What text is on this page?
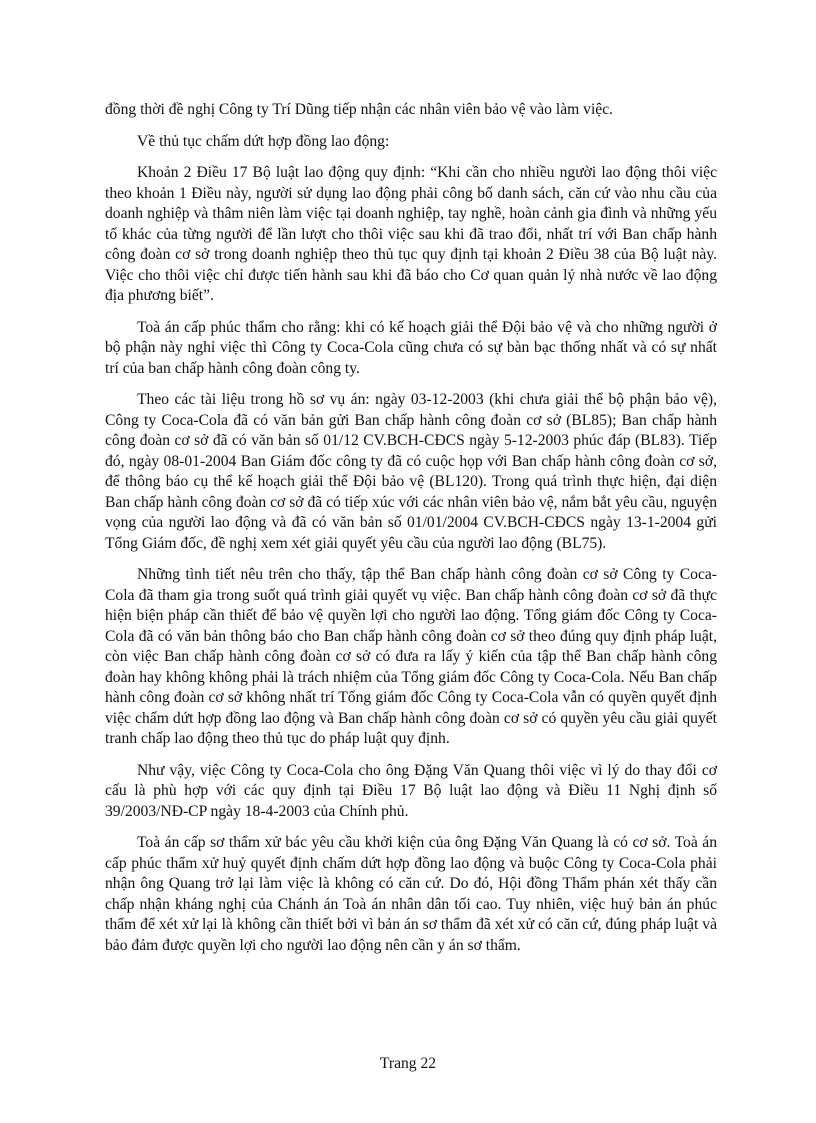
đồng thời đề nghị Công ty Trí Dũng tiếp nhận các nhân viên bảo vệ vào làm việc.

Về thủ tục chấm dứt hợp đồng lao động:

Khoản 2 Điều 17 Bộ luật lao động quy định: “Khi cần cho nhiều người lao động thôi việc theo khoản 1 Điều này, người sử dụng lao động phải công bố danh sách, căn cứ vào nhu cầu của doanh nghiệp và thâm niên làm việc tại doanh nghiệp, tay nghề, hoàn cảnh gia đình và những yếu tố khác của từng người để lần lượt cho thôi việc sau khi đã trao đổi, nhất trí với Ban chấp hành công đoàn cơ sở trong doanh nghiệp theo thủ tục quy định tại khoản 2 Điều 38 của Bộ luật này. Việc cho thôi việc chỉ được tiến hành sau khi đã báo cho Cơ quan quản lý nhà nước về lao động địa phương biết”.

Toà án cấp phúc thẩm cho rằng: khi có kế hoạch giải thể Đội bảo vệ và cho những người ở bộ phận này nghỉ việc thì Công ty Coca-Cola cũng chưa có sự bàn bạc thống nhất và có sự nhất trí của ban chấp hành công đoàn công ty.

Theo các tài liệu trong hồ sơ vụ án: ngày 03-12-2003 (khi chưa giải thể bộ phận bảo vệ), Công ty Coca-Cola đã có văn bản gửi Ban chấp hành công đoàn cơ sở (BL85); Ban chấp hành công đoàn cơ sở đã có văn bản số 01/12 CV.BCH-CĐCS ngày 5-12-2003 phúc đáp (BL83). Tiếp đó, ngày 08-01-2004 Ban Giám đốc công ty đã có cuộc họp với Ban chấp hành công đoàn cơ sở, để thông báo cụ thể kế hoạch giải thể Đội bảo vệ (BL120). Trong quá trình thực hiện, đại diện Ban chấp hành công đoàn cơ sở đã có tiếp xúc với các nhân viên bảo vệ, nắm bắt yêu cầu, nguyện vọng của người lao động và đã có văn bản số 01/01/2004 CV.BCH-CĐCS ngày 13-1-2004 gửi Tổng Giám đốc, đề nghị xem xét giải quyết yêu cầu của người lao động (BL75).

Những tình tiết nêu trên cho thấy, tập thể Ban chấp hành công đoàn cơ sở Công ty Coca-Cola đã tham gia trong suốt quá trình giải quyết vụ việc. Ban chấp hành công đoàn cơ sở đã thực hiện biện pháp cần thiết để bảo vệ quyền lợi cho người lao động. Tổng giám đốc Công ty Coca-Cola đã có văn bản thông báo cho Ban chấp hành công đoàn cơ sở theo đúng quy định pháp luật, còn việc Ban chấp hành công đoàn cơ sở có đưa ra lấy ý kiến của tập thể Ban chấp hành công đoàn hay không không phải là trách nhiệm của Tổng giám đốc Công ty Coca-Cola. Nếu Ban chấp hành công đoàn cơ sở không nhất trí Tổng giám đốc Công ty Coca-Cola vẫn có quyền quyết định việc chấm dứt hợp đồng lao động và Ban chấp hành công đoàn cơ sở có quyền yêu cầu giải quyết tranh chấp lao động theo thủ tục do pháp luật quy định.

Như vậy, việc Công ty Coca-Cola cho ông Đặng Văn Quang thôi việc vì lý do thay đổi cơ cấu là phù hợp với các quy định tại Điều 17 Bộ luật lao động và Điều 11 Nghị định số 39/2003/NĐ-CP ngày 18-4-2003 của Chính phủ.

Toà án cấp sơ thẩm xử bác yêu cầu khởi kiện của ông Đặng Văn Quang là có cơ sở. Toà án cấp phúc thẩm xử huỷ quyết định chấm dứt hợp đồng lao động và buộc Công ty Coca-Cola phải nhận ông Quang trở lại làm việc là không có căn cứ. Do đó, Hội đồng Thẩm phán xét thấy cần chấp nhận kháng nghị của Chánh án Toà án nhân dân tối cao. Tuy nhiên, việc huỷ bản án phúc thẩm để xét xử lại là không cần thiết bởi vì bản án sơ thẩm đã xét xử có căn cứ, đúng pháp luật và bảo đảm được quyền lợi cho người lao động nên cần y án sơ thẩm.

Trang 22
